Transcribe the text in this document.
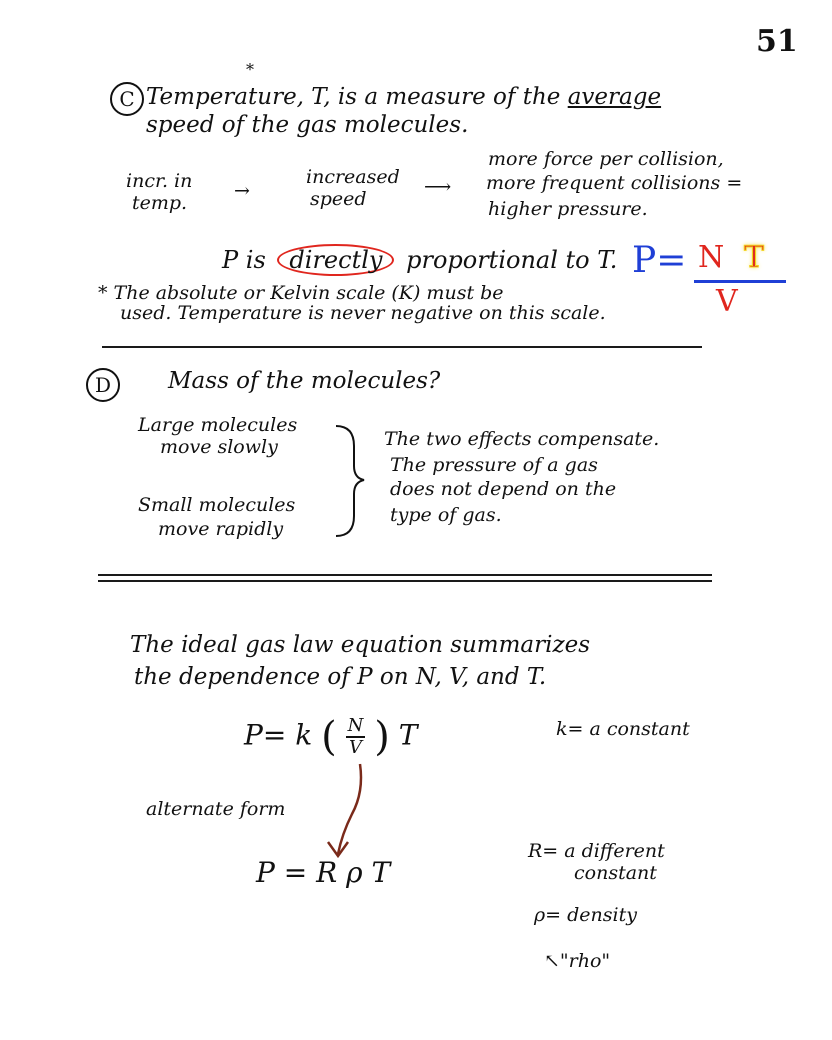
51
C
*
Temperature, T, is a measure of the average
speed of the gas molecules.
incr. in
temp.
→
increased
speed
⟶
more force per collision,
more frequent collisions =
higher pressure.
P is directly proportional to T. P= N T
V
* The absolute or Kelvin scale (K) must be
used. Temperature is never negative on this scale.
D	Mass of the molecules?
Large molecules
move slowly
Small molecules
move rapidly
The two effects compensate.
The pressure of a gas
does not depend on the
type of gas.
The ideal gas law equation summarizes
the dependence of P on N, V, and T.
P= k ( $\frac{N}{V}$ ) T	k= a constant
alternate form
P = R ρ T
R= a different
constant
ρ= density
↖"rho"
